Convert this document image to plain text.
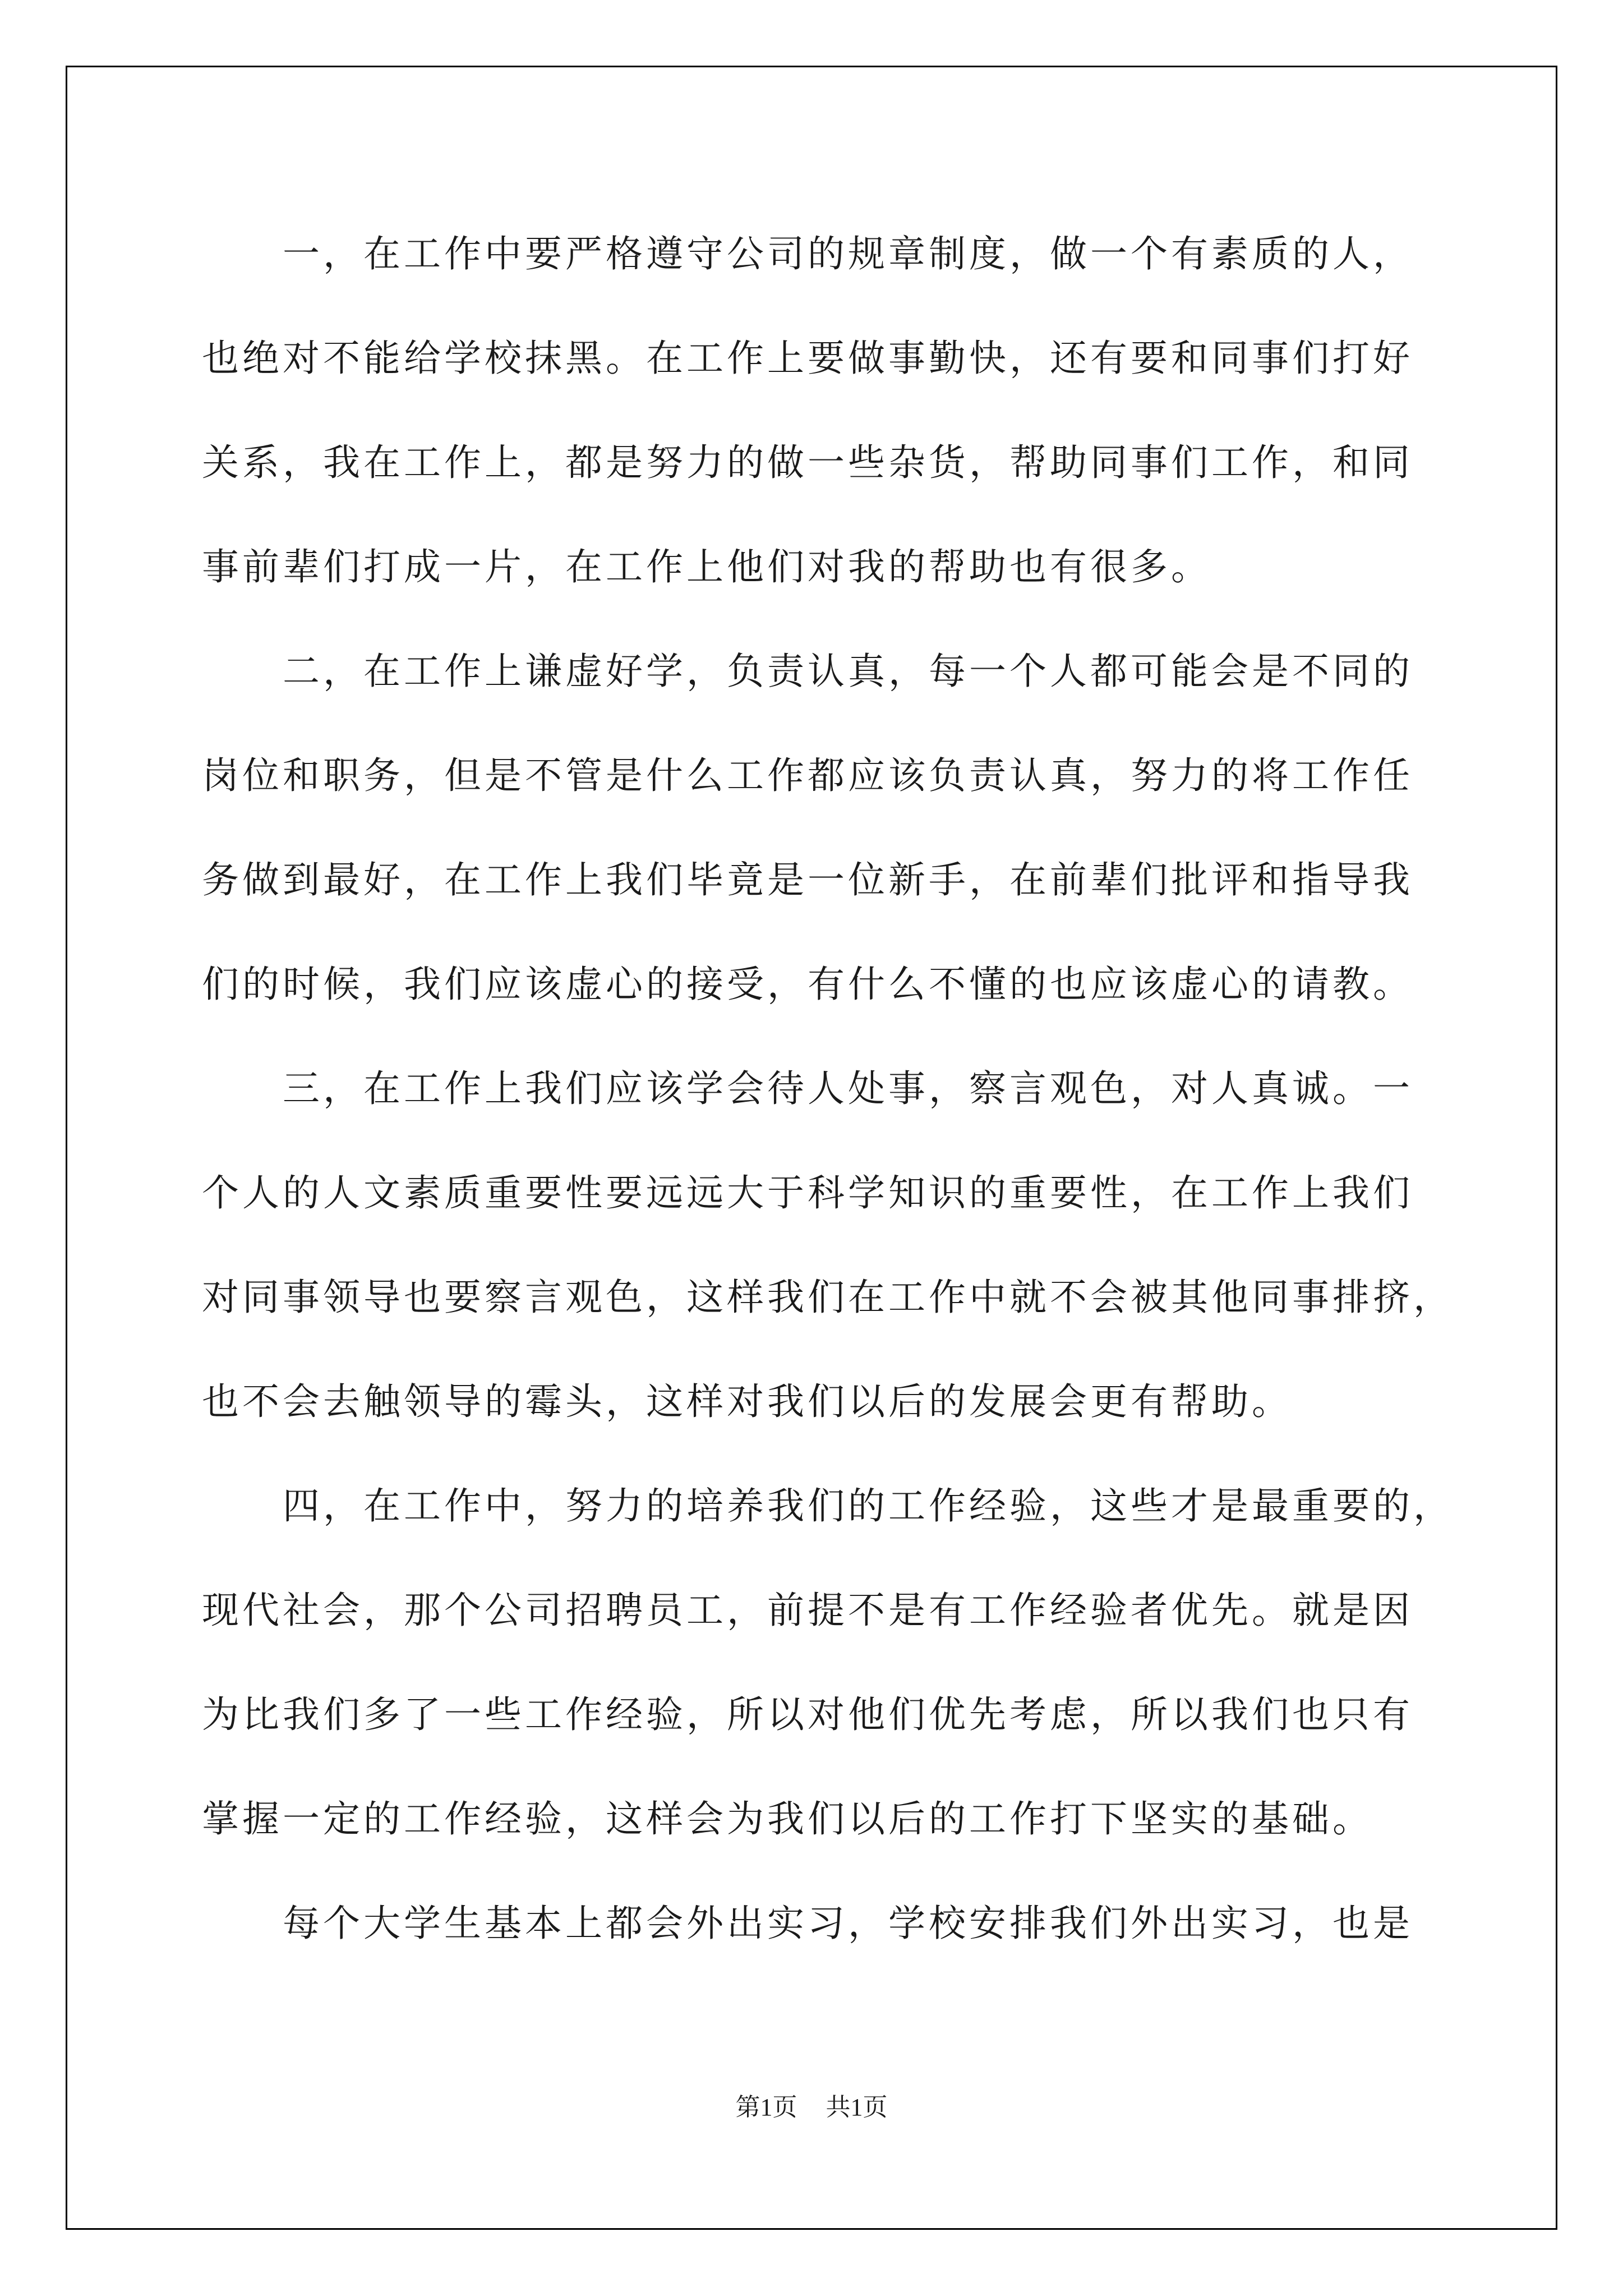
一，在工作中要严格遵守公司的规章制度，做一个有素质的人，
也绝对不能给学校抹黑。在工作上要做事勤快，还有要和同事们打好
关系，我在工作上，都是努力的做一些杂货，帮助同事们工作，和同
事前辈们打成一片，在工作上他们对我的帮助也有很多。
二，在工作上谦虚好学，负责认真，每一个人都可能会是不同的
岗位和职务，但是不管是什么工作都应该负责认真，努力的将工作任
务做到最好，在工作上我们毕竟是一位新手，在前辈们批评和指导我
们的时候，我们应该虚心的接受，有什么不懂的也应该虚心的请教。
三，在工作上我们应该学会待人处事，察言观色，对人真诚。一
个人的人文素质重要性要远远大于科学知识的重要性，在工作上我们
对同事领导也要察言观色，这样我们在工作中就不会被其他同事排挤，
也不会去触领导的霉头，这样对我们以后的发展会更有帮助。
四，在工作中，努力的培养我们的工作经验，这些才是最重要的，
现代社会，那个公司招聘员工，前提不是有工作经验者优先。就是因
为比我们多了一些工作经验，所以对他们优先考虑，所以我们也只有
掌握一定的工作经验，这样会为我们以后的工作打下坚实的基础。
每个大学生基本上都会外出实习，学校安排我们外出实习，也是
第1页 共1页
